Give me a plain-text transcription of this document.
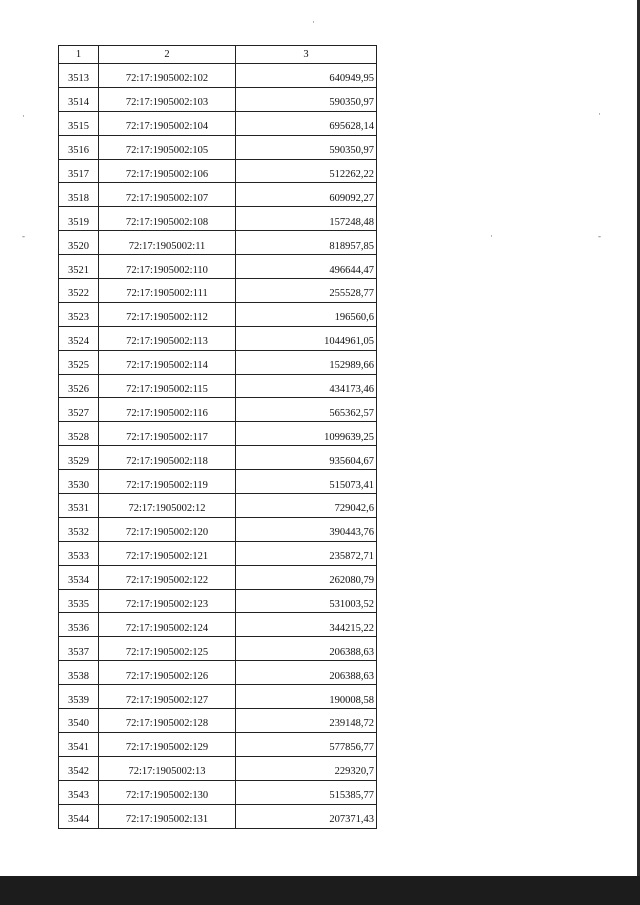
·
·	·
-	-
·
1	2	3
3513	72:17:1905002:102	640949,95
3514	72:17:1905002:103	590350,97
3515	72:17:1905002:104	695628,14
3516	72:17:1905002:105	590350,97
3517	72:17:1905002:106	512262,22
3518	72:17:1905002:107	609092,27
3519	72:17:1905002:108	157248,48
3520	72:17:1905002:11	818957,85
3521	72:17:1905002:110	496644,47
3522	72:17:1905002:111	255528,77
3523	72:17:1905002:112	196560,6
3524	72:17:1905002:113	1044961,05
3525	72:17:1905002:114	152989,66
3526	72:17:1905002:115	434173,46
3527	72:17:1905002:116	565362,57
3528	72:17:1905002:117	1099639,25
3529	72:17:1905002:118	935604,67
3530	72:17:1905002:119	515073,41
3531	72:17:1905002:12	729042,6
3532	72:17:1905002:120	390443,76
3533	72:17:1905002:121	235872,71
3534	72:17:1905002:122	262080,79
3535	72:17:1905002:123	531003,52
3536	72:17:1905002:124	344215,22
3537	72:17:1905002:125	206388,63
3538	72:17:1905002:126	206388,63
3539	72:17:1905002:127	190008,58
3540	72:17:1905002:128	239148,72
3541	72:17:1905002:129	577856,77
3542	72:17:1905002:13	229320,7
3543	72:17:1905002:130	515385,77
3544	72:17:1905002:131	207371,43
